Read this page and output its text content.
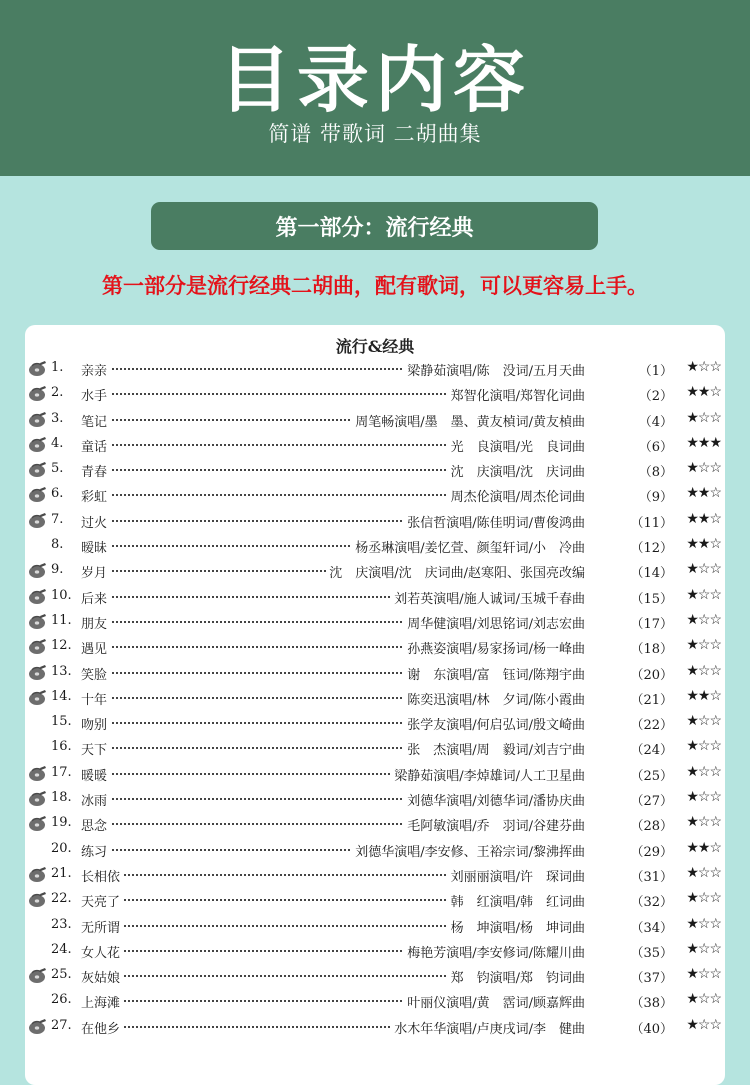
目录内容
简谱 带歌词 二胡曲集
第一部分：流行经典
第一部分是流行经典二胡曲，配有歌词，可以更容易上手。
流行&经典
1.	亲亲	梁静茹演唱/陈　没词/五月天曲	（1） ★☆☆
2.	水手	郑智化演唱/郑智化词曲	（2） ★★☆
3.	笔记	周笔畅演唱/墨　墨、黄友楨词/黄友楨曲	（4） ★☆☆
4.	童话	光　良演唱/光　良词曲	（6） ★★★
5.	青春	沈　庆演唱/沈　庆词曲	（8） ★☆☆
6.	彩虹	周杰伦演唱/周杰伦词曲	（9） ★★☆
7.	过火	张信哲演唱/陈佳明词/曹俊鸿曲	（11） ★★☆
8.	暧昧	杨丞琳演唱/姜忆萱、颜玺轩词/小　冷曲	（12） ★★☆
9.	岁月	沈　庆演唱/沈　庆词曲/赵寒阳、张国亮改编	（14） ★☆☆
10. 后来	刘若英演唱/施人诚词/玉城千春曲	（15） ★☆☆
11. 朋友	周华健演唱/刘思铭词/刘志宏曲	（17） ★☆☆
12. 遇见	孙燕姿演唱/易家扬词/杨一峰曲	（18） ★☆☆
13. 笑脸	谢　东演唱/富　钰词/陈翔宇曲	（20） ★☆☆
14. 十年	陈奕迅演唱/林　夕词/陈小霞曲	（21） ★★☆
15. 吻别	张学友演唱/何启弘词/殷文崎曲	（22） ★☆☆
16. 天下	张　杰演唱/周　毅词/刘吉宁曲	（24） ★☆☆
17. 暖暖	梁静茹演唱/李焯雄词/人工卫星曲	（25） ★☆☆
18. 冰雨	刘德华演唱/刘德华词/潘协庆曲	（27） ★☆☆
19. 思念	毛阿敏演唱/乔　羽词/谷建芬曲	（28） ★☆☆
20. 练习	刘德华演唱/李安修、王裕宗词/黎沸挥曲	（29） ★★☆
21. 长相依	刘丽丽演唱/许　琛词曲	（31） ★☆☆
22. 天亮了	韩　红演唱/韩　红词曲	（32） ★☆☆
23. 无所谓	杨　坤演唱/杨　坤词曲	（34） ★☆☆
24. 女人花	梅艳芳演唱/李安修词/陈耀川曲	（35） ★☆☆
25. 灰姑娘	郑　钧演唱/郑　钧词曲	（37） ★☆☆
26. 上海滩	叶丽仪演唱/黄　霑词/顾嘉辉曲	（38） ★☆☆
27. 在他乡	水木年华演唱/卢庚戌词/李　健曲	（40） ★☆☆
